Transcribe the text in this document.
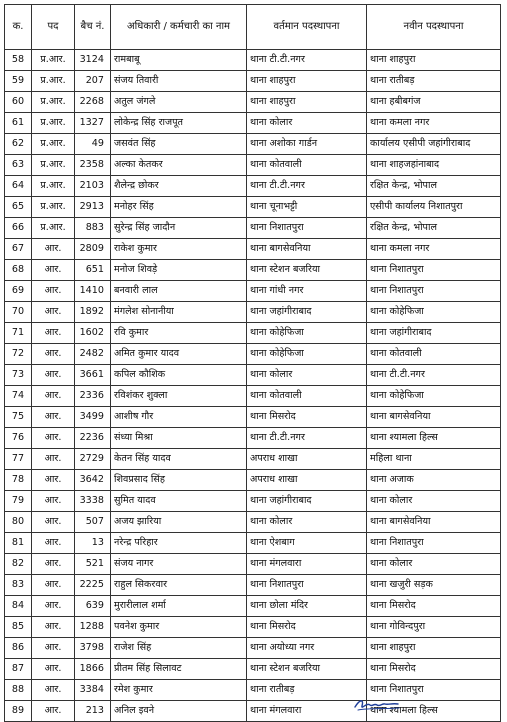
क.	पद	बैच नं.	अधिकारी / कर्मचारी का नाम	वर्तमान पदस्थापना	नवीन पदस्थापना
58	प्र.आर.	3124	रामबाबू	थाना टी.टी.नगर	थाना शाहपुरा
59	प्र.आर.	207	संजय तिवारी	थाना शाहपुरा	थाना रातीबड़
60	प्र.आर.	2268	अतुल जंगले	थाना शाहपुरा	थाना हबीबगंज
61	प्र.आर.	1327	लोकेन्द्र सिंह राजपूत	थाना कोलार	थाना कमला नगर
62	प्र.आर.	49	जसवंत सिंह	थाना अशोका गार्डन	कार्यालय एसीपी जहांगीराबाद
63	प्र.आर.	2358	अल्का केतकर	थाना कोतवाली	थाना शाहजहांनाबाद
64	प्र.आर.	2103	शैलेन्द्र छोकर	थाना टी.टी.नगर	रक्षित केन्द्र, भोपाल
65	प्र.आर.	2913	मनोहर सिंह	थाना चूनाभट्टी	एसीपी कार्यालय निशातपुरा
66	प्र.आर.	883	सुरेन्द्र सिंह जादौन	थाना निशातपुरा	रक्षित केन्द्र, भोपाल
67	आर.	2809	राकेश कुमार	थाना बागसेवनिया	थाना कमला नगर
68	आर.	651	मनोज शिवड़े	थाना स्टेशन बजरिया	थाना निशातपुरा
69	आर.	1410	बनवारी लाल	थाना गांधी नगर	थाना निशातपुरा
70	आर.	1892	मंगलेश सोनानीया	थाना जहांगीराबाद	थाना कोहेफिजा
71	आर.	1602	रवि कुमार	थाना कोहेफिजा	थाना जहांगीराबाद
72	आर.	2482	अमित कुमार यादव	थाना कोहेफिजा	थाना कोतवाली
73	आर.	3661	कपिल कौशिक	थाना कोलार	थाना टी.टी.नगर
74	आर.	2336	रविशंकर शुक्ला	थाना कोतवाली	थाना कोहेफिजा
75	आर.	3499	आशीष गौर	थाना मिसरोद	थाना बागसेवनिया
76	आर.	2236	संध्या मिश्रा	थाना टी.टी.नगर	थाना श्यामला हिल्स
77	आर.	2729	केतन सिंह यादव	अपराध शाखा	महिला थाना
78	आर.	3642	शिवप्रसाद सिंह	अपराध शाखा	थाना अजाक
79	आर.	3338	सुमित यादव	थाना जहांगीराबाद	थाना कोलार
80	आर.	507	अजय झारिया	थाना कोलार	थाना बागसेवनिया
81	आर.	13	नरेन्द्र परिहार	थाना ऐशबाग	थाना निशातपुरा
82	आर.	521	संजय नागर	थाना मंगलवारा	थाना कोलार
83	आर.	2225	राहुल सिकरवार	थाना निशातपुरा	थाना खजुरी सड़क
84	आर.	639	मुरारीलाल शर्मा	थाना छोला मंदिर	थाना मिसरोद
85	आर.	1288	पवनेश कुमार	थाना मिसरोद	थाना गोविन्दपुरा
86	आर.	3798	राजेश सिंह	थाना अयोध्या नगर	थाना शाहपुरा
87	आर.	1866	प्रीतम सिंह सिलावट	थाना स्टेशन बजरिया	थाना मिसरोद
88	आर.	3384	रमेश कुमार	थाना रातीबड़	थाना निशातपुरा
89	आर.	213	अनिल इवने	थाना मंगलवारा	थाना श्यामला हिल्स
